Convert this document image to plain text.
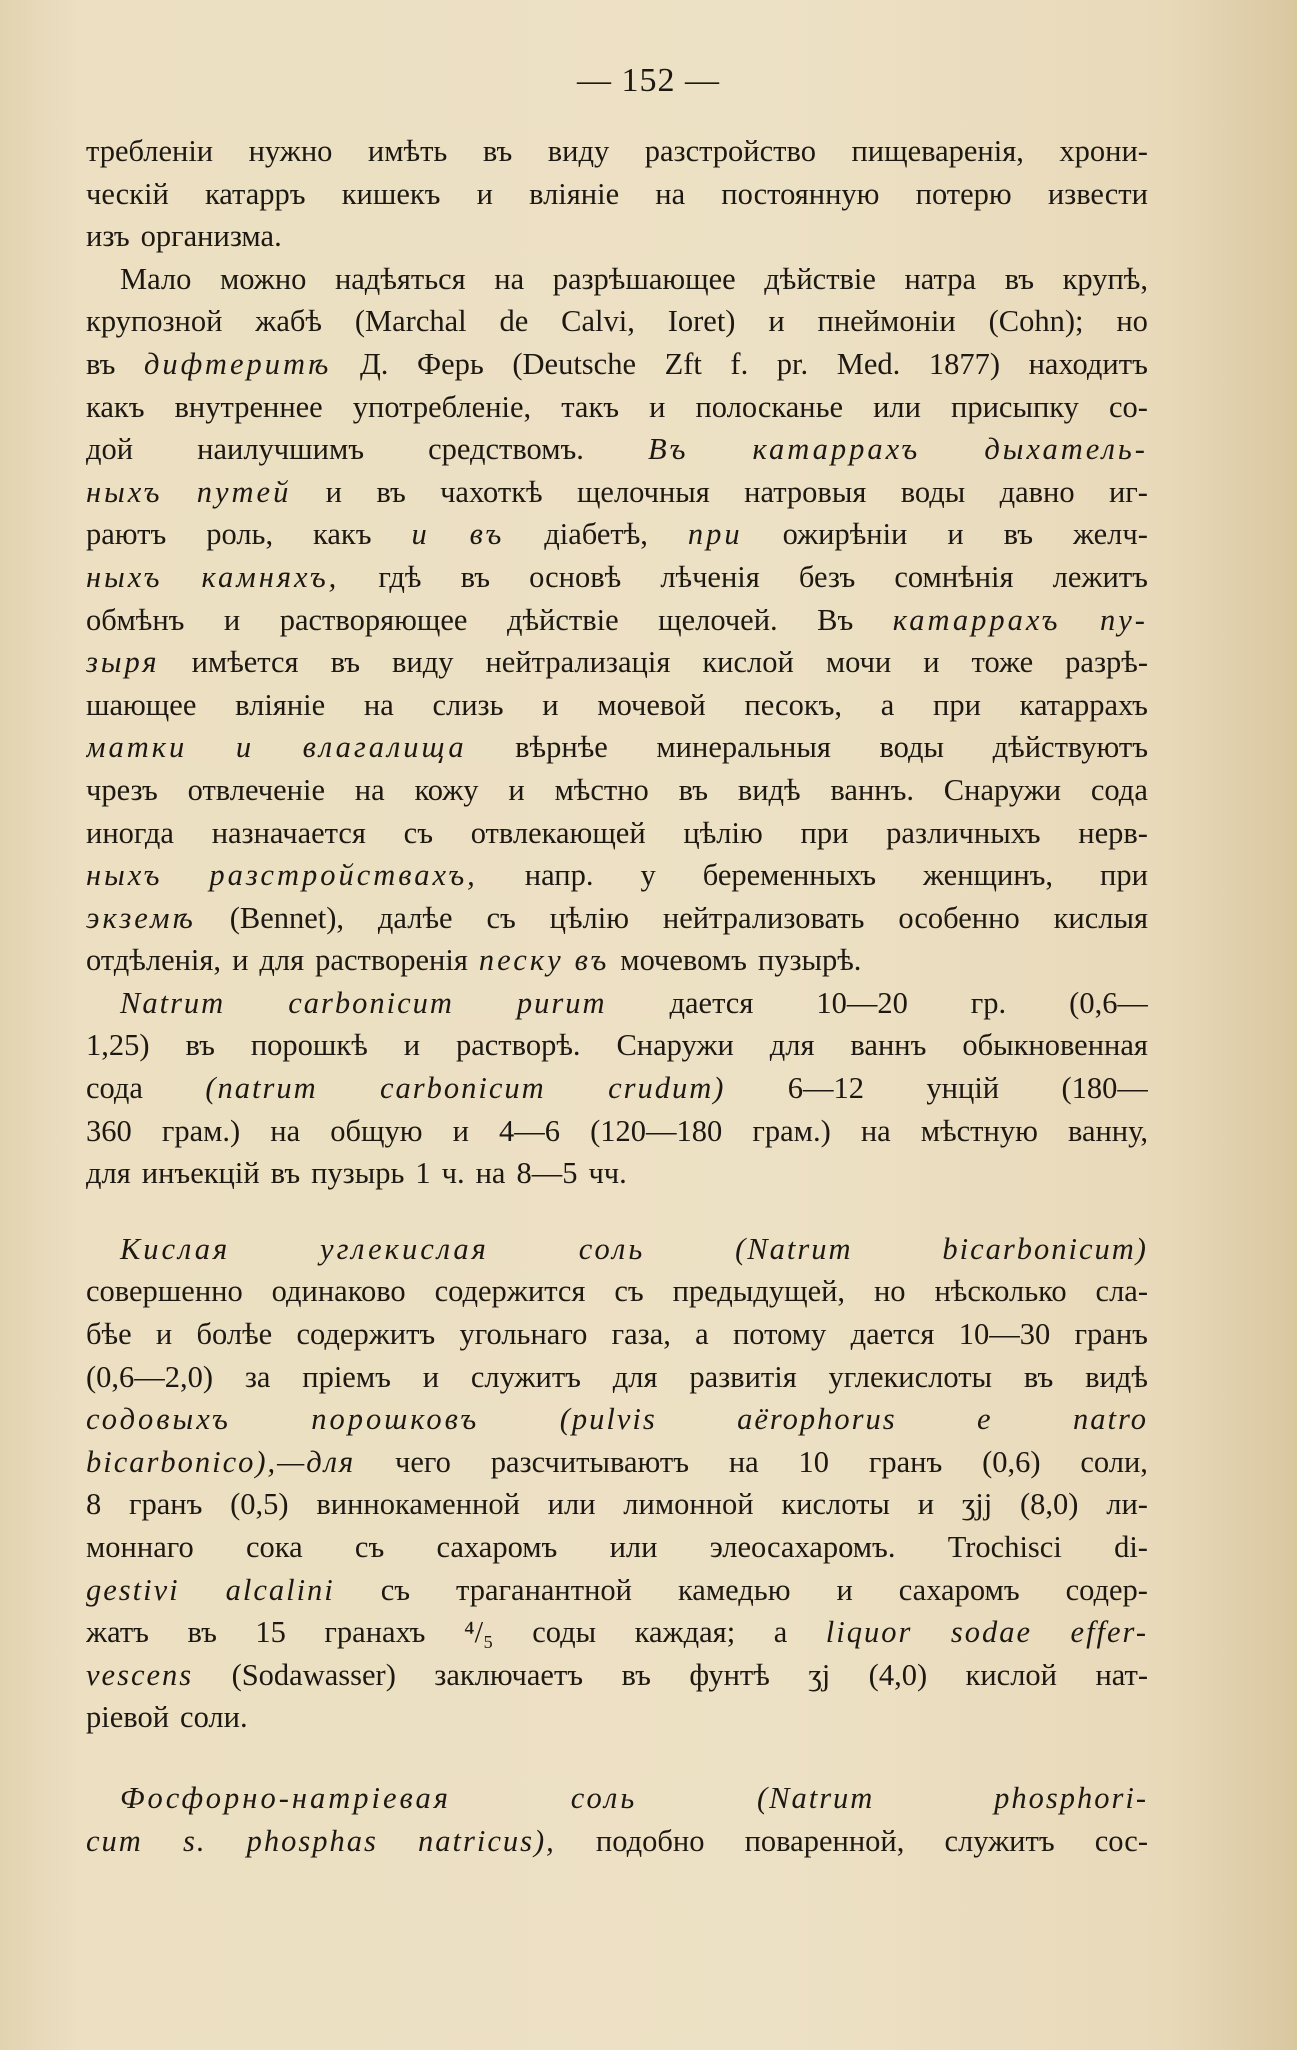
— 152 —
требленіи нужно имѣть въ виду разстройство пищеваренія, хрони-
ческій катарръ кишекъ и вліяніе на постоянную потерю извести
изъ организма.
Мало можно надѣяться на разрѣшающее дѣйствіе натра въ крупѣ,
крупозной жабѣ (Marchal de Calvi, Ioret) и пнеймоніи (Cohn); но
въ дифтеритѣ Д. Ферь (Deutsche Zft f. pr. Med. 1877) находитъ
какъ внутреннее употребленіе, такъ и полосканье или присыпку со-
дой наилучшимъ средствомъ. Въ катаррахъ дыхатель-
ныхъ путей и въ чахоткѣ щелочныя натровыя воды давно иг-
раютъ роль, какъ и въ діабетѣ, при ожирѣніи и въ желч-
ныхъ камняхъ, гдѣ въ основѣ лѣченія безъ сомнѣнія лежитъ
обмѣнъ и растворяющее дѣйствіе щелочей. Въ катаррахъ пу-
зыря имѣется въ виду нейтрализація кислой мочи и тоже разрѣ-
шающее вліяніе на слизь и мочевой песокъ, а при катаррахъ
матки и влагалища вѣрнѣе минеральныя воды дѣйствуютъ
чрезъ отвлеченіе на кожу и мѣстно въ видѣ ваннъ. Снаружи сода
иногда назначается съ отвлекающей цѣлію при различныхъ нерв-
ныхъ разстройствахъ, напр. у беременныхъ женщинъ, при
экземѣ (Bennet), далѣе съ цѣлію нейтрализовать особенно кислыя
отдѣленія, и для растворенія песку въ мочевомъ пузырѣ.
Natrum carbonicum purum дается 10—20 гр. (0,6—
1,25) въ порошкѣ и растворѣ. Снаружи для ваннъ обыкновенная
сода (natrum carbonicum crudum) 6—12 унцій (180—
360 грам.) на общую и 4—6 (120—180 грам.) на мѣстную ванну,
для инъекцій въ пузырь 1 ч. на 8—5 чч.
Кислая	углекислая	соль	(Natrum	bicarbonicum)
совершенно одинаково содержится съ предыдущей, но нѣсколько сла-
бѣе и болѣе содержитъ угольнаго газа, а потому дается 10—30 гранъ
(0,6—2,0) за пріемъ и служитъ для развитія углекислоты въ видѣ
содовыхъ	порошковъ	(pulvis	aërophorus	e	natro
bicarbonico),—для чего разсчитываютъ на 10 гранъ (0,6) соли,
8 гранъ (0,5) виннокаменной или лимонной кислоты и ʒjj (8,0) ли-
моннаго сока съ сахаромъ или элеосахаромъ. Trochisci di-
gestivi alcalini съ траганантной камедью и сахаромъ содер-
жатъ въ 15 гранахъ ⁴/₅ соды каждая; а liquor sodae effer-
vescens (Sodawasser) заключаетъ въ фунтѣ ʒj (4,0) кислой нат-
ріевой соли.
Фосфорно-натріевая	соль	(Natrum	phosphori-
cum s. phosphas natricus), подобно поваренной, служитъ сос-
